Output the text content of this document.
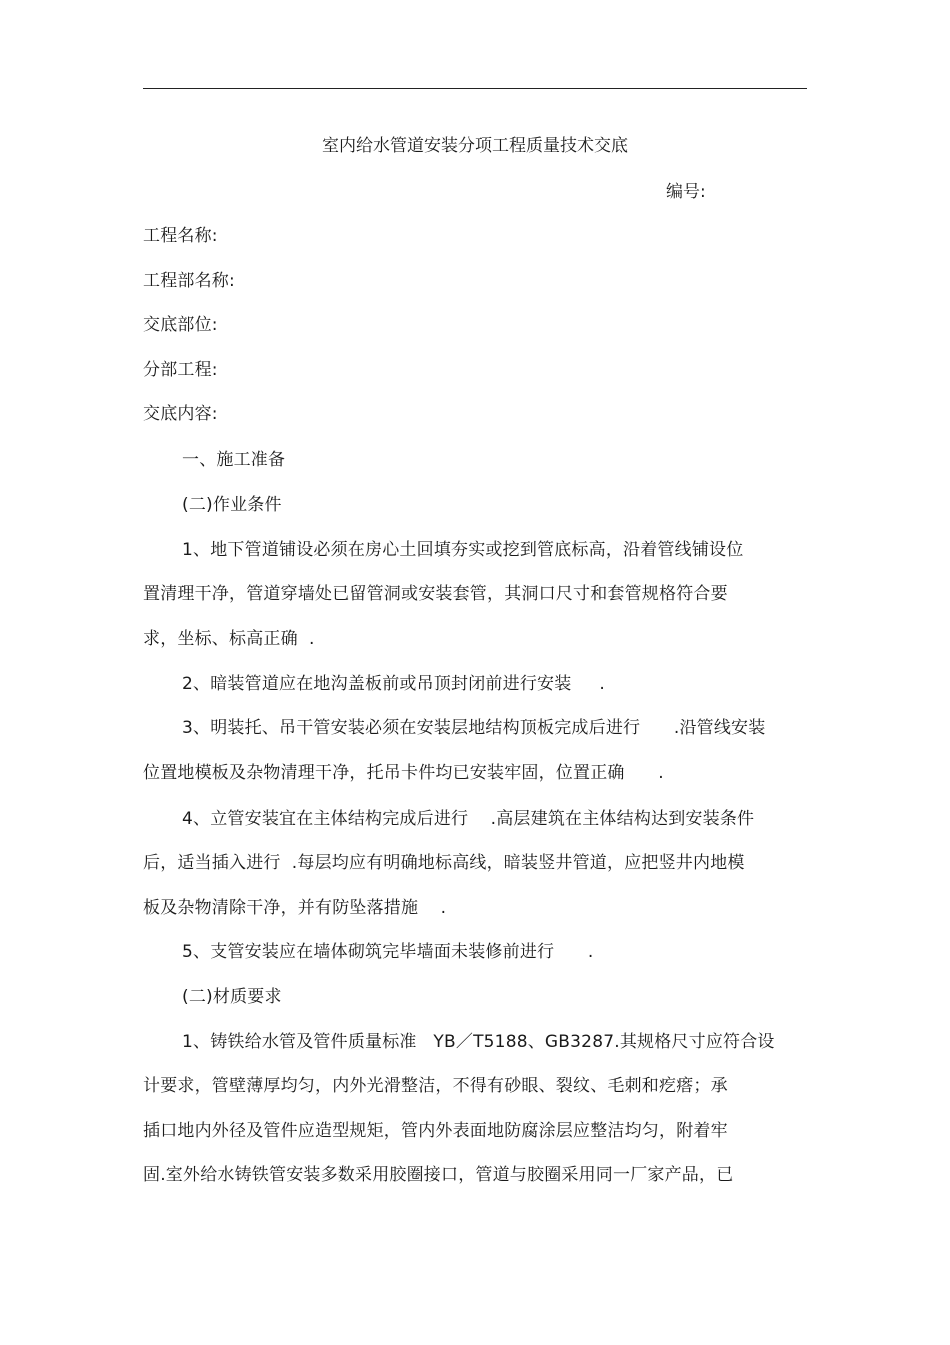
室内给水管道安装分项工程质量技术交底
编号:
工程名称:
工程部名称:
交底部位:
分部工程:
交底内容:
一、施工准备
(二)作业条件
1、地下管道铺设必须在房心土回填夯实或挖到管底标高，沿着管线铺设位
置清理干净，管道穿墙处已留管洞或安装套管，其洞口尺寸和套管规格符合要
求，坐标、标高正确  .
2、暗装管道应在地沟盖板前或吊顶封闭前进行安装     .
3、明装托、吊干管安装必须在安装层地结构顶板完成后进行      .沿管线安装
位置地模板及杂物清理干净，托吊卡件均已安装牢固，位置正确      .
4、立管安装宜在主体结构完成后进行    .高层建筑在主体结构达到安装条件
后，适当插入进行  .每层均应有明确地标高线，暗装竖井管道，应把竖井内地模
板及杂物清除干净，并有防坠落措施    .
5、支管安装应在墙体砌筑完毕墙面未装修前进行      .
(二)材质要求
1、铸铁给水管及管件质量标准   YB／T5188、GB3287.其规格尺寸应符合设
计要求，管壁薄厚均匀，内外光滑整洁，不得有砂眼、裂纹、毛刺和疙瘩；承
插口地内外径及管件应造型规矩，管内外表面地防腐涂层应整洁均匀，附着牢
固.室外给水铸铁管安装多数采用胶圈接口，管道与胶圈采用同一厂家产品，已
